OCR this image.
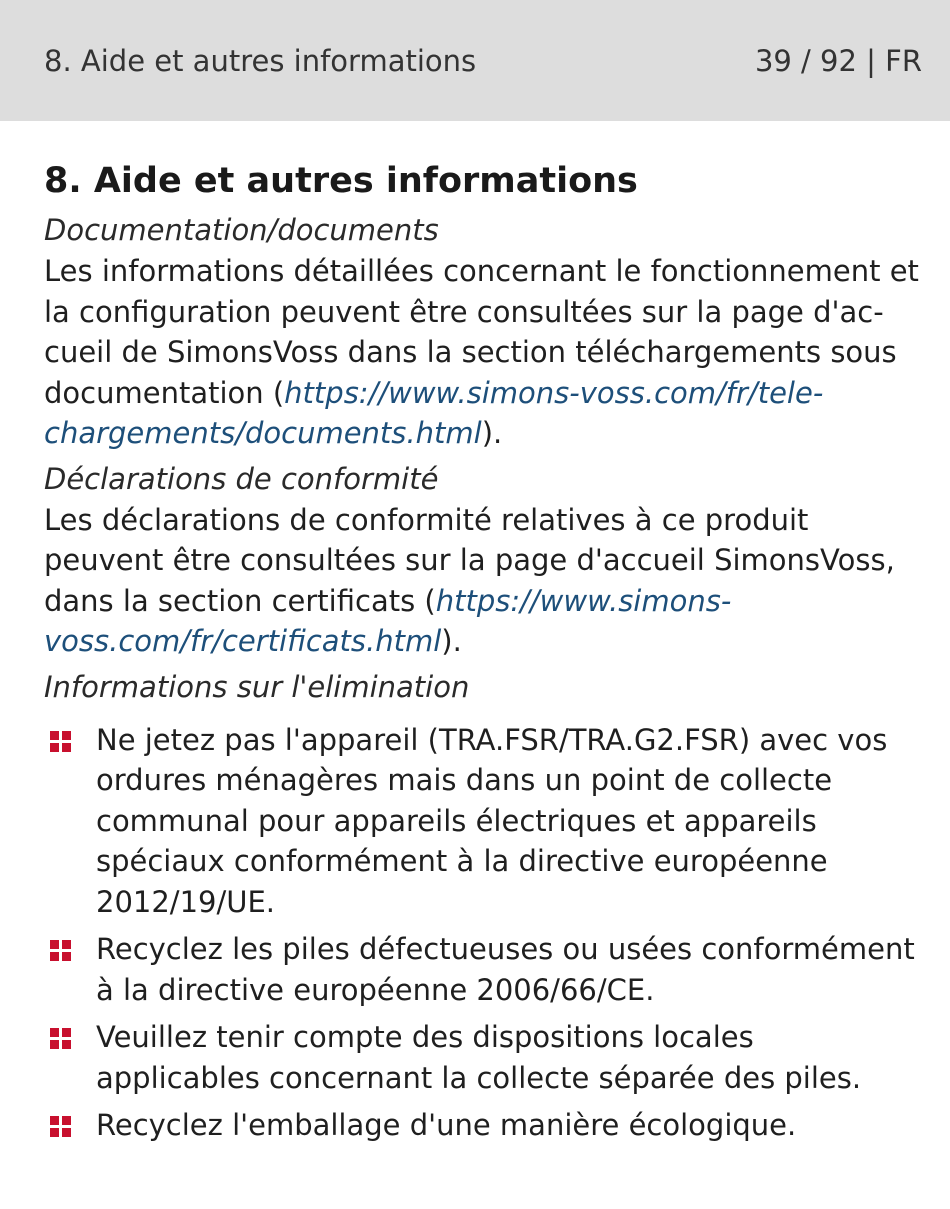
8. Aide et autres informations	39 / 92 | FR
8. Aide et autres informations

Documentation/documents

Les informations détaillées concernant le fonctionnement et la configuration peuvent être consultées sur la page d'accueil de SimonsVoss dans la section téléchargements sous documentation (https://www.simons-voss.com/fr/telechargements/documents.html).

Déclarations de conformité

Les déclarations de conformité relatives à ce produit peuvent être consultées sur la page d'accueil SimonsVoss, dans la section certificats (https://www.simons-voss.com/fr/certificats.html).

Informations sur l'elimination

Ne jetez pas l'appareil (TRA.FSR/TRA.G2.FSR) avec vos ordures ménagères mais dans un point de collecte communal pour appareils électriques et appareils spéciaux conformément à la directive européenne 2012/19/UE.
Recyclez les piles défectueuses ou usées conformément à la directive européenne 2006/66/CE.
Veuillez tenir compte des dispositions locales applicables concernant la collecte séparée des piles.
Recyclez l'emballage d'une manière écologique.
